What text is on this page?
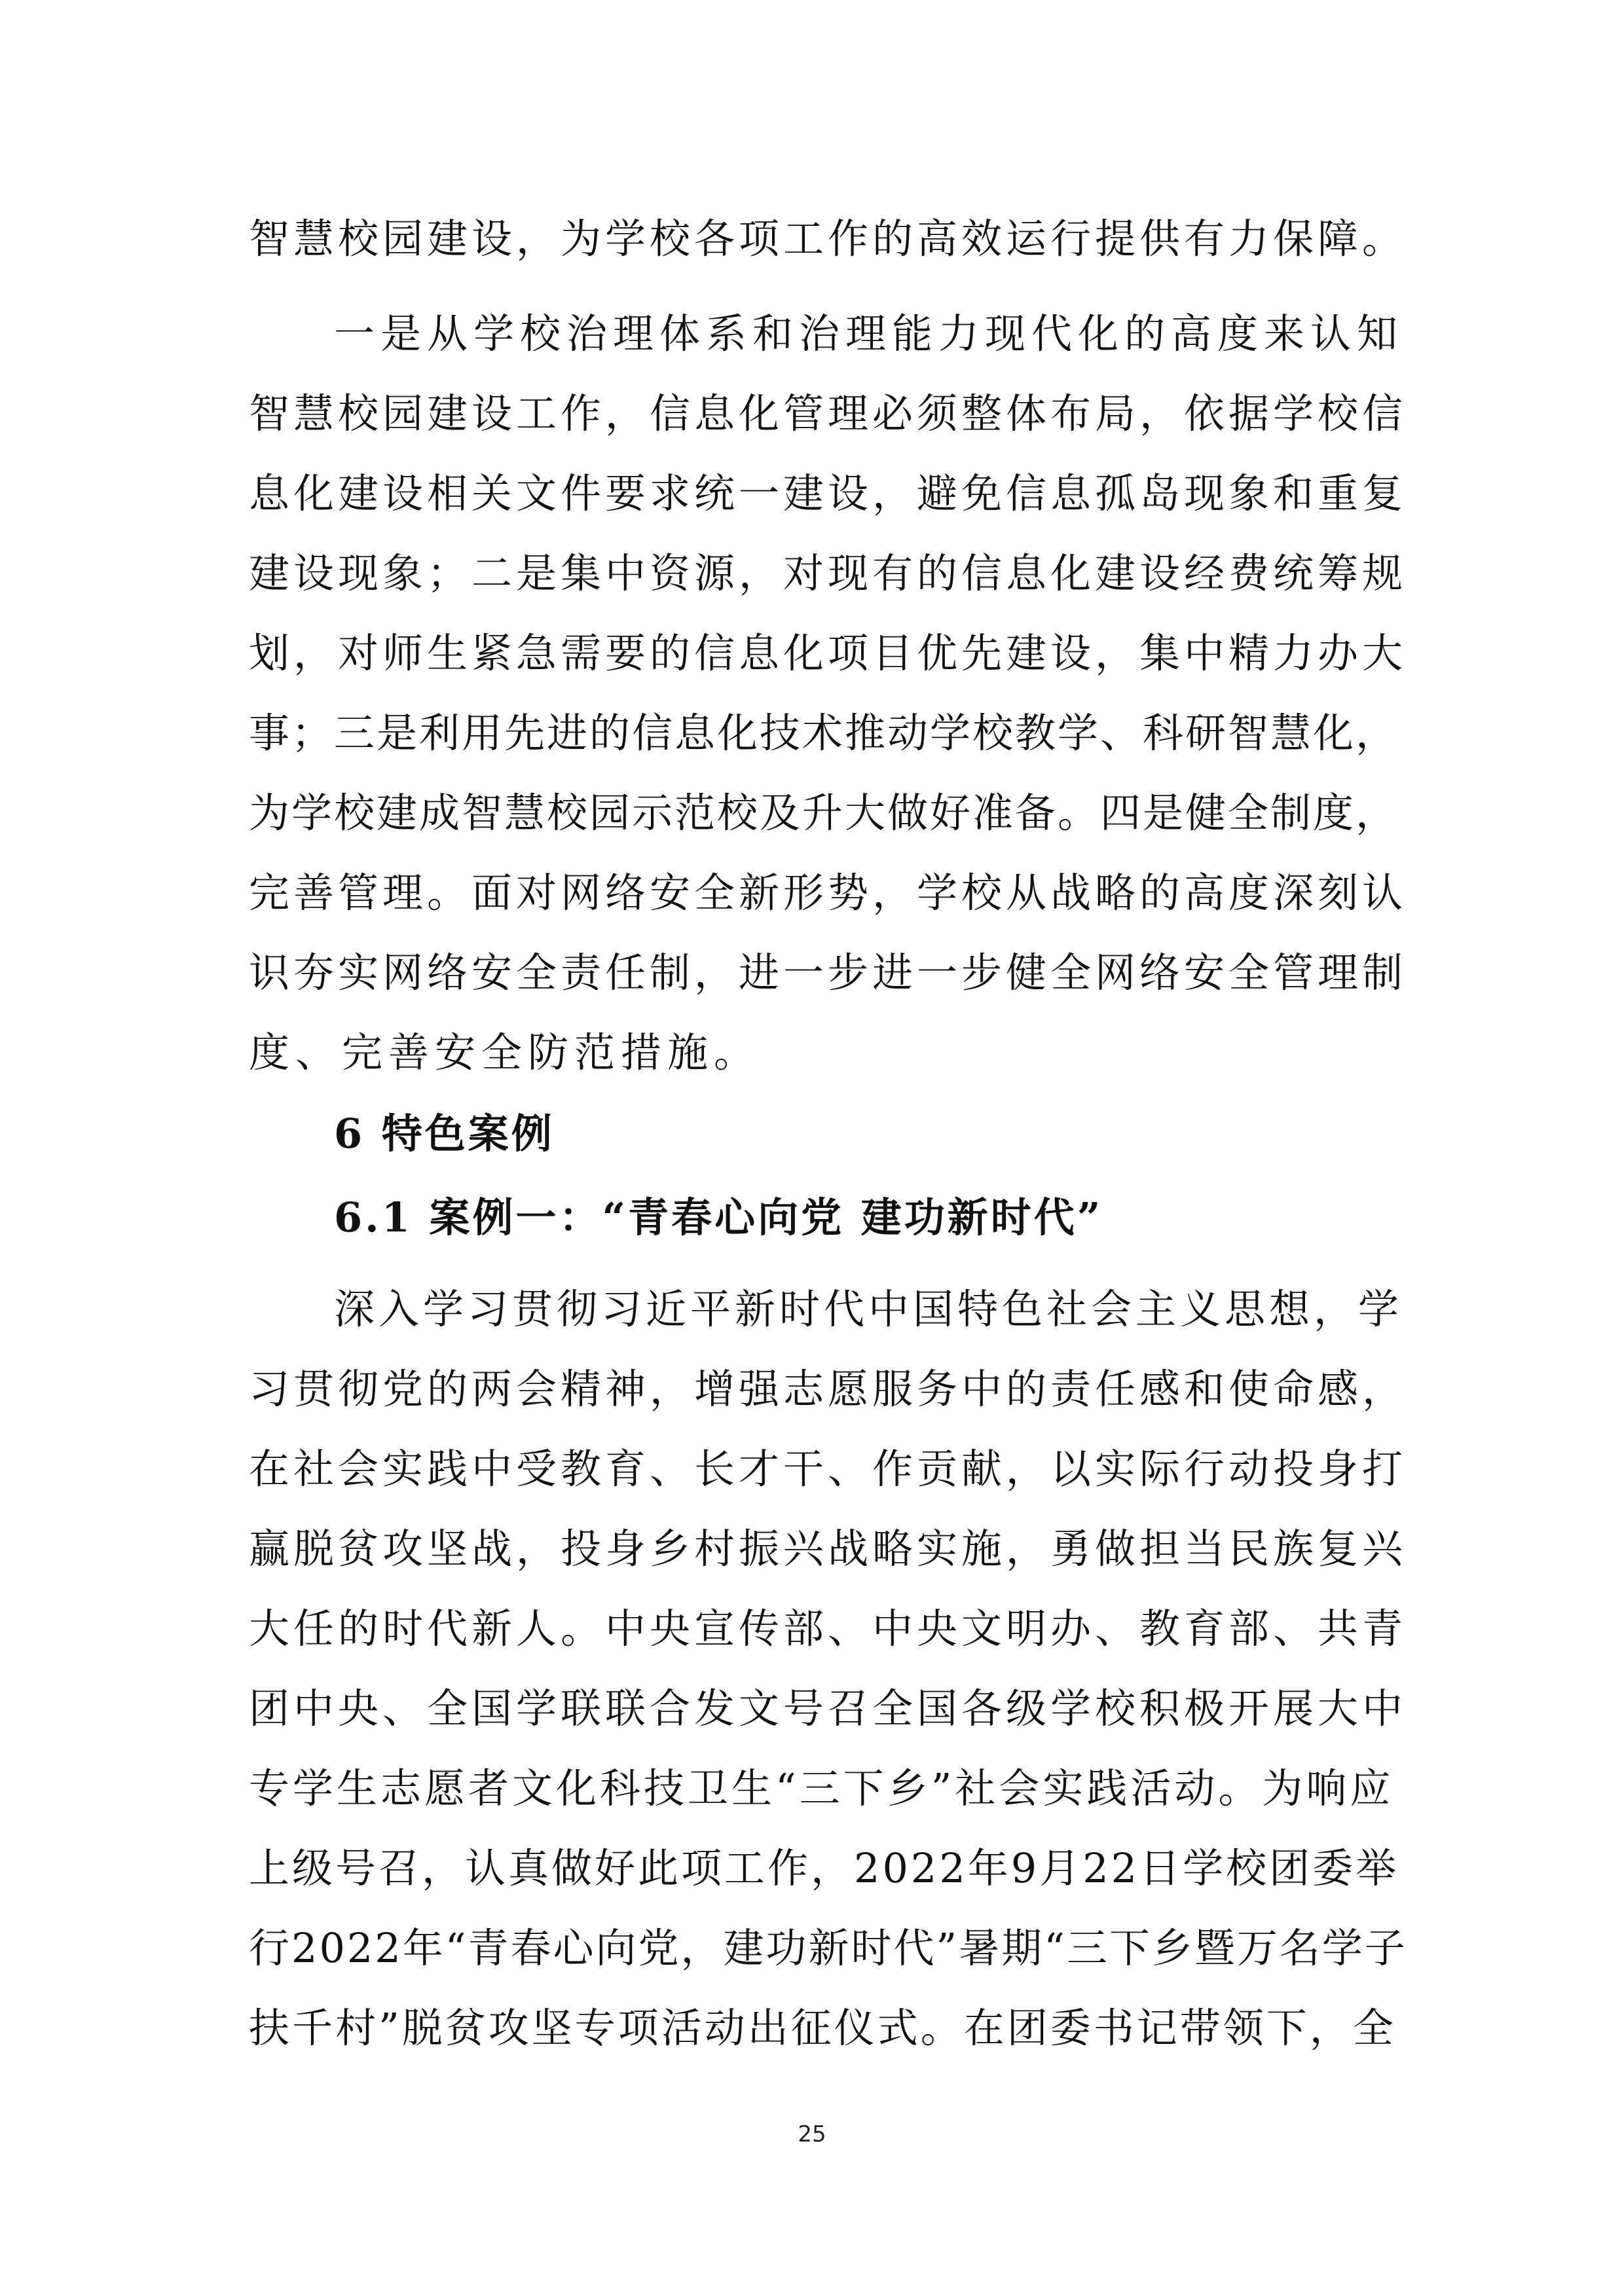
智慧校园建设，为学校各项工作的高效运行提供有力保障。
一是从学校治理体系和治理能力现代化的高度来认知
智慧校园建设工作，信息化管理必须整体布局，依据学校信
息化建设相关文件要求统一建设，避免信息孤岛现象和重复
建设现象；二是集中资源，对现有的信息化建设经费统筹规
划，对师生紧急需要的信息化项目优先建设，集中精力办大
事；三是利用先进的信息化技术推动学校教学、科研智慧化，
为学校建成智慧校园示范校及升大做好准备。四是健全制度，
完善管理。面对网络安全新形势，学校从战略的高度深刻认
识夯实网络安全责任制，进一步进一步健全网络安全管理制
度、完善安全防范措施。
6 特色案例
6.1 案例一：“青春心向党 建功新时代”
深入学习贯彻习近平新时代中国特色社会主义思想，学
习贯彻党的两会精神，增强志愿服务中的责任感和使命感，
在社会实践中受教育、长才干、作贡献，以实际行动投身打
赢脱贫攻坚战，投身乡村振兴战略实施，勇做担当民族复兴
大任的时代新人。中央宣传部、中央文明办、教育部、共青
团中央、全国学联联合发文号召全国各级学校积极开展大中
专学生志愿者文化科技卫生“三下乡”社会实践活动。为响应
上级号召，认真做好此项工作，2022年9月22日学校团委举
行2022年“青春心向党，建功新时代”暑期“三下乡暨万名学子
扶千村”脱贫攻坚专项活动出征仪式。在团委书记带领下，全
25
